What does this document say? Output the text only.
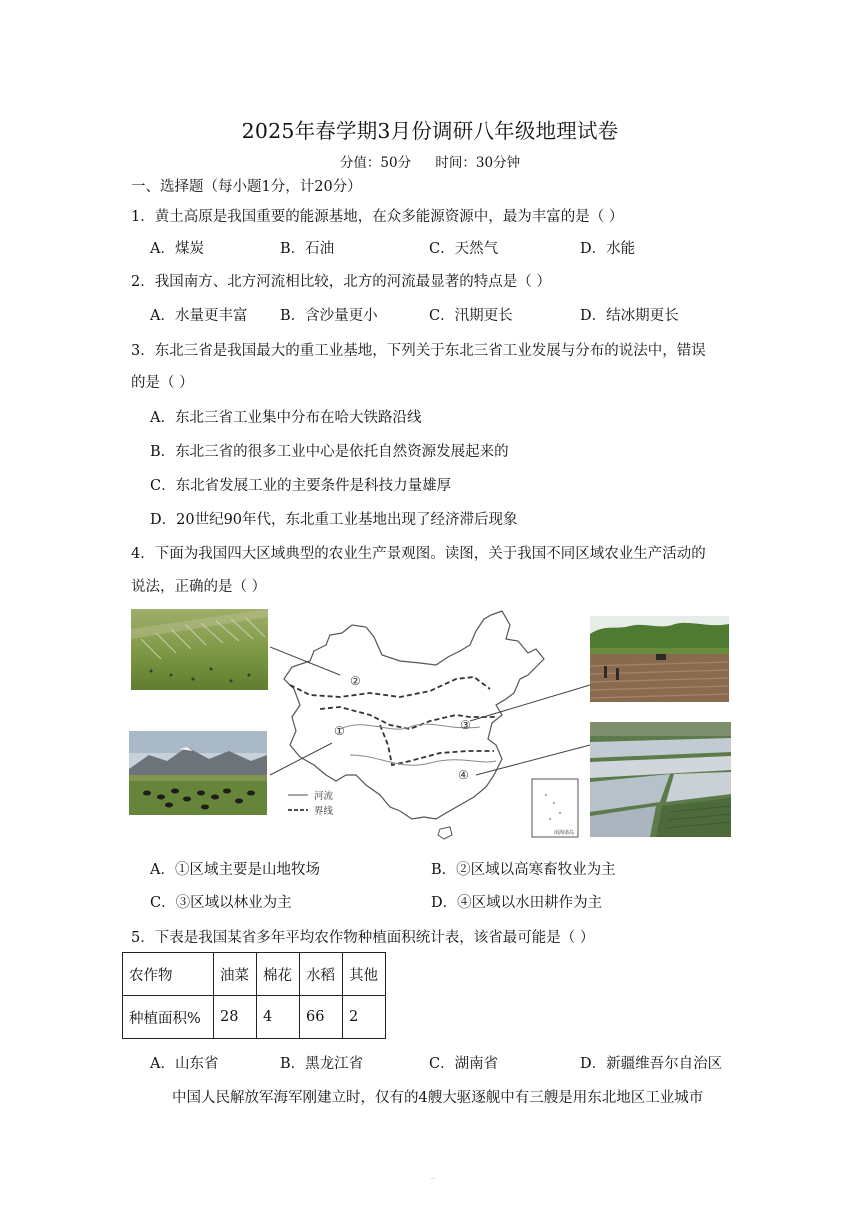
2025年春学期3月份调研八年级地理试卷
分值：50分 时间：30分钟
一、选择题（每小题1分，计20分）
1．黄土高原是我国重要的能源基地，在众多能源资源中，最为丰富的是（ ）
A．煤炭	B．石油	C．天然气	D．水能
2．我国南方、北方河流相比较，北方的河流最显著的特点是（ ）
A．水量更丰富 B．含沙量更小	C．汛期更长	D．结冰期更长
3．东北三省是我国最大的重工业基地，下列关于东北三省工业发展与分布的说法中，错误
的是（ ）
A．东北三省工业集中分布在哈大铁路沿线
B．东北三省的很多工业中心是依托自然资源发展起来的
C．东北省发展工业的主要条件是科技力量雄厚
D．20世纪90年代，东北重工业基地出现了经济滞后现象
4．下面为我国四大区域典型的农业生产景观图。读图，关于我国不同区域农业生产活动的
说法，正确的是（ ）
①
②
③
④
河流
界线
南海诸岛
A．①区域主要是山地牧场	B．②区域以高寒畜牧业为主
C．③区域以林业为主	D．④区域以水田耕作为主
5．下表是我国某省多年平均农作物种植面积统计表，该省最可能是（ ）
农作物	油菜	棉花	水稻	其他
种植面积%	28	4	66	2
A．山东省	B．黑龙江省	C．湖南省	D．新疆维吾尔自治区
中国人民解放军海军刚建立时，仅有的4艘大驱逐舰中有三艘是用东北地区工业城市
